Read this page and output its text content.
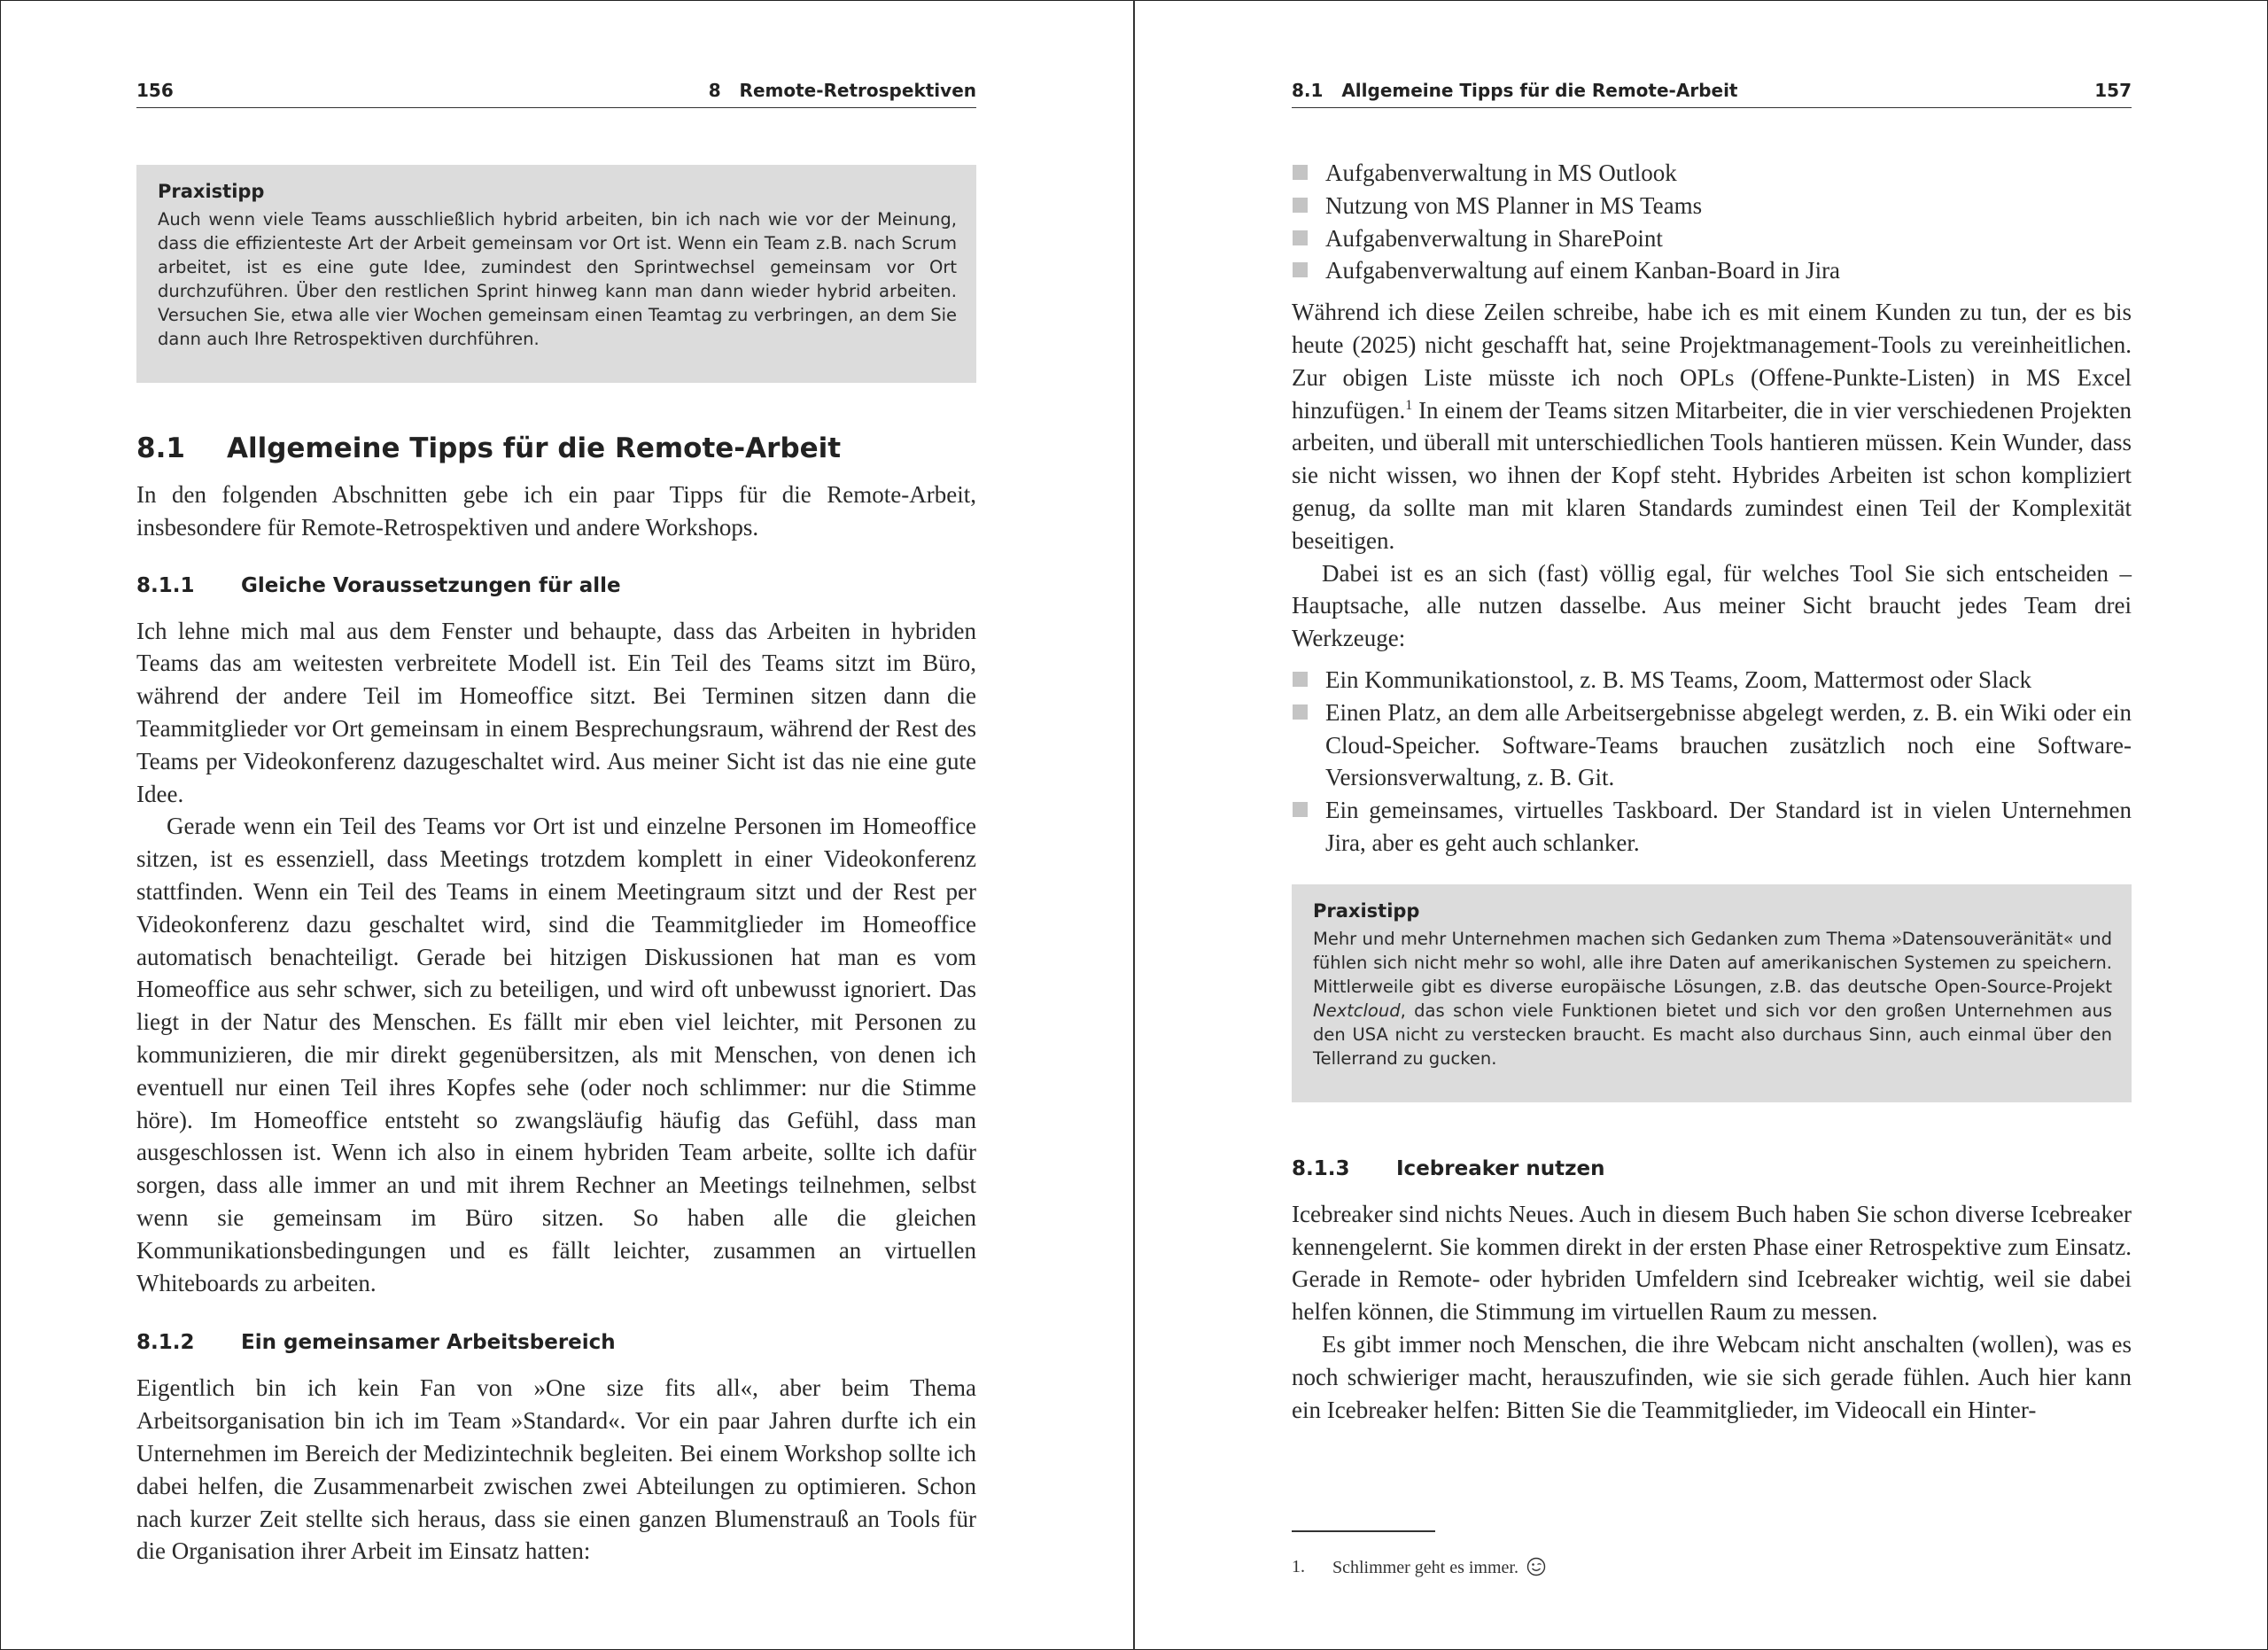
156	8   Remote-Retrospektiven
Praxistipp

Auch wenn viele Teams ausschließlich hybrid arbeiten, bin ich nach wie vor der Meinung, dass die effizienteste Art der Arbeit gemeinsam vor Ort ist. Wenn ein Team z.B. nach Scrum arbeitet, ist es eine gute Idee, zumindest den Sprintwechsel gemeinsam vor Ort durchzuführen. Über den restlichen Sprint hinweg kann man dann wieder hybrid arbeiten. Versuchen Sie, etwa alle vier Wochen gemeinsam einen Teamtag zu verbringen, an dem Sie dann auch Ihre Retrospektiven durchführen.

8.1 Allgemeine Tipps für die Remote-Arbeit

In den folgenden Abschnitten gebe ich ein paar Tipps für die Remote-Arbeit, insbesondere für Remote-Retrospektiven und andere Workshops.

8.1.1 Gleiche Voraussetzungen für alle

Ich lehne mich mal aus dem Fenster und behaupte, dass das Arbeiten in hybriden Teams das am weitesten verbreitete Modell ist. Ein Teil des Teams sitzt im Büro, während der andere Teil im Homeoffice sitzt. Bei Terminen sitzen dann die Teammitglieder vor Ort gemeinsam in einem Besprechungsraum, während der Rest des Teams per Videokonferenz dazugeschaltet wird. Aus meiner Sicht ist das nie eine gute Idee.

Gerade wenn ein Teil des Teams vor Ort ist und einzelne Personen im Homeoffice sitzen, ist es essenziell, dass Meetings trotzdem komplett in einer Videokonferenz stattfinden. Wenn ein Teil des Teams in einem Meetingraum sitzt und der Rest per Videokonferenz dazu geschaltet wird, sind die Teammitglieder im Homeoffice automatisch benachteiligt. Gerade bei hitzigen Diskussionen hat man es vom Homeoffice aus sehr schwer, sich zu beteiligen, und wird oft unbewusst ignoriert. Das liegt in der Natur des Menschen. Es fällt mir eben viel leichter, mit Personen zu kommunizieren, die mir direkt gegenübersitzen, als mit Menschen, von denen ich eventuell nur einen Teil ihres Kopfes sehe (oder noch schlimmer: nur die Stimme höre). Im Homeoffice entsteht so zwangsläufig häufig das Gefühl, dass man ausgeschlossen ist. Wenn ich also in einem hybriden Team arbeite, sollte ich dafür sorgen, dass alle immer an und mit ihrem Rechner an Meetings teilnehmen, selbst wenn sie gemeinsam im Büro sitzen. So haben alle die gleichen Kommunikationsbedingungen und es fällt leichter, zusammen an virtuellen Whiteboards zu arbeiten.

8.1.2 Ein gemeinsamer Arbeitsbereich

Eigentlich bin ich kein Fan von »One size fits all«, aber beim Thema Arbeitsorganisation bin ich im Team »Standard«. Vor ein paar Jahren durfte ich ein Unternehmen im Bereich der Medizintechnik begleiten. Bei einem Workshop sollte ich dabei helfen, die Zusammenarbeit zwischen zwei Abteilungen zu optimieren. Schon nach kurzer Zeit stellte sich heraus, dass sie einen ganzen Blumenstrauß an Tools für die Organisation ihrer Arbeit im Einsatz hatten:

8.1   Allgemeine Tipps für die Remote-Arbeit	157
Aufgabenverwaltung in MS Outlook
Nutzung von MS Planner in MS Teams
Aufgabenverwaltung in SharePoint
Aufgabenverwaltung auf einem Kanban-Board in Jira

Während ich diese Zeilen schreibe, habe ich es mit einem Kunden zu tun, der es bis heute (2025) nicht geschafft hat, seine Projektmanagement-Tools zu vereinheitlichen. Zur obigen Liste müsste ich noch OPLs (Offene-Punkte-Listen) in MS Excel hinzufügen.$^1$ In einem der Teams sitzen Mitarbeiter, die in vier verschiedenen Projekten arbeiten, und überall mit unterschiedlichen Tools hantieren müssen. Kein Wunder, dass sie nicht wissen, wo ihnen der Kopf steht. Hybrides Arbeiten ist schon kompliziert genug, da sollte man mit klaren Standards zumindest einen Teil der Komplexität beseitigen.

Dabei ist es an sich (fast) völlig egal, für welches Tool Sie sich entscheiden – Hauptsache, alle nutzen dasselbe. Aus meiner Sicht braucht jedes Team drei Werkzeuge:

Ein Kommunikationstool, z. B. MS Teams, Zoom, Mattermost oder Slack
Einen Platz, an dem alle Arbeitsergebnisse abgelegt werden, z. B. ein Wiki oder ein Cloud-Speicher. Software-Teams brauchen zusätzlich noch eine Software-Versionsverwaltung, z. B. Git.
Ein gemeinsames, virtuelles Taskboard. Der Standard ist in vielen Unternehmen Jira, aber es geht auch schlanker.
Praxistipp

Mehr und mehr Unternehmen machen sich Gedanken zum Thema »Datensouveränität« und fühlen sich nicht mehr so wohl, alle ihre Daten auf amerikanischen Systemen zu speichern. Mittlerweile gibt es diverse europäische Lösungen, z.B. das deutsche Open-Source-Projekt Nextcloud, das schon viele Funktionen bietet und sich vor den großen Unternehmen aus den USA nicht zu verstecken braucht. Es macht also durchaus Sinn, auch einmal über den Tellerrand zu gucken.

8.1.3 Icebreaker nutzen

Icebreaker sind nichts Neues. Auch in diesem Buch haben Sie schon diverse Icebreaker kennengelernt. Sie kommen direkt in der ersten Phase einer Retrospektive zum Einsatz. Gerade in Remote- oder hybriden Umfeldern sind Icebreaker wichtig, weil sie dabei helfen können, die Stimmung im virtuellen Raum zu messen.

Es gibt immer noch Menschen, die ihre Webcam nicht anschalten (wollen), was es noch schwieriger macht, herauszufinden, wie sie sich gerade fühlen. Auch hier kann ein Icebreaker helfen: Bitten Sie die Teammitglieder, im Videocall ein Hinter-

1. Schlimmer geht es immer.
